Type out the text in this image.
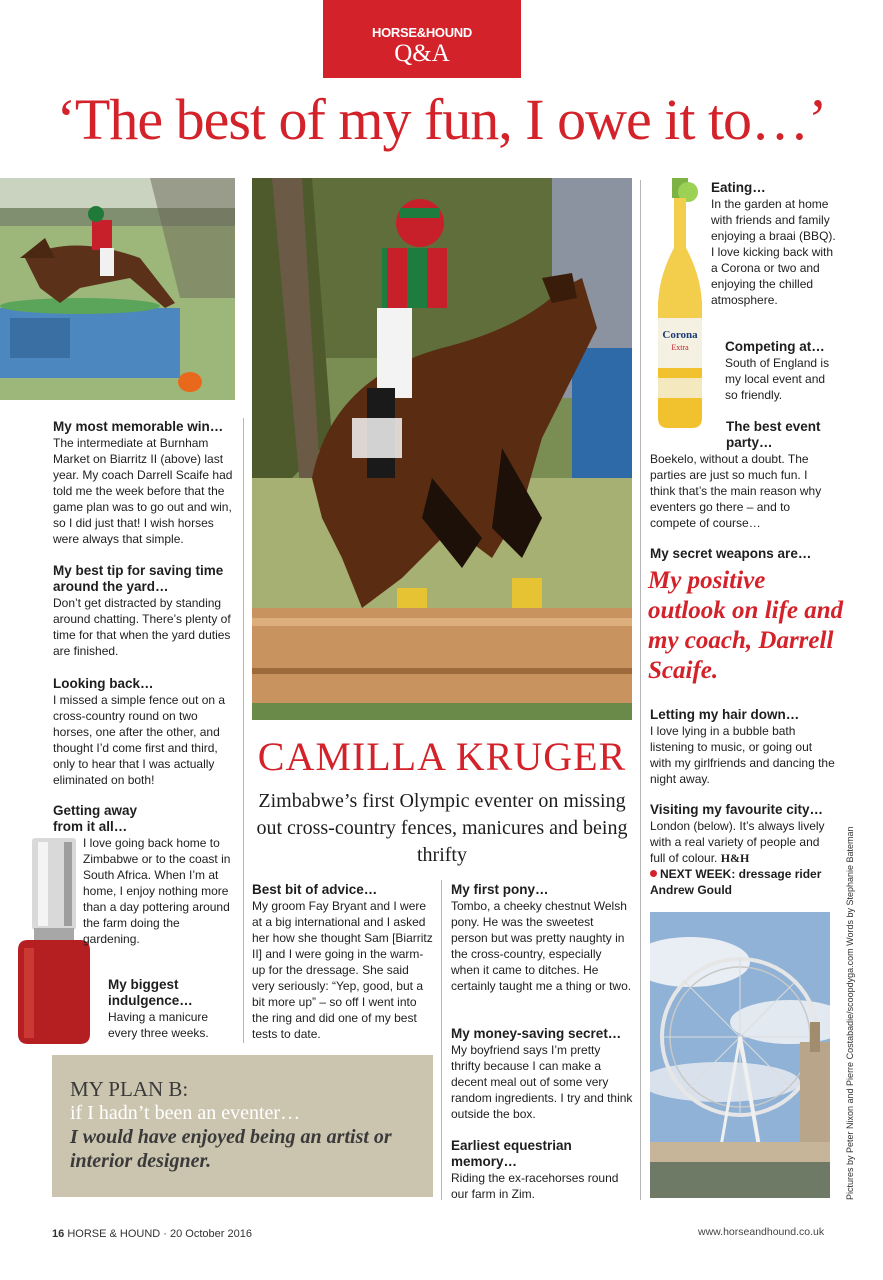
HORSE&HOUND
Q&A
‘The best of my fun, I owe it to…’
Corona
Extra
My most memorable win…
The intermediate at Burnham Market on Biarritz II (above) last year. My coach Darrell Scaife had told me the week before that the game plan was to go out and win, so I did just that! I wish horses were always that simple.
My best tip for saving time around the yard…
Don’t get distracted by standing around chatting. There’s plenty of time for that when the yard duties are finished.
Looking back…
I missed a simple fence out on a cross-country round on two horses, one after the other, and thought I’d come first and third, only to hear that I was actually eliminated on both!
Getting away from it all…
I love going back home to Zimbabwe or to the coast in South Africa. When I’m at home, I enjoy nothing more than a day pottering around the farm doing the gardening.
My biggest indulgence…
Having a manicure every three weeks.
CAMILLA KRUGER
Zimbabwe’s first Olympic eventer on missing out cross-country fences, manicures and being thrifty
Best bit of advice…
My groom Fay Bryant and I were at a big international and I asked her how she thought Sam [Biarritz II] and I were going in the warm-up for the dressage. She said very seriously: “Yep, good, but a bit more up” – so off I went into the ring and did one of my best tests to date.
My first pony…
Tombo, a cheeky chestnut Welsh pony. He was the sweetest person but was pretty naughty in the cross-country, especially when it came to ditches. He certainly taught me a thing or two.
My money-saving secret…
My boyfriend says I’m pretty thrifty because I can make a decent meal out of some very random ingredients. I try and think outside the box.
Earliest equestrian memory…
Riding the ex-racehorses round our farm in Zim.
Eating…
In the garden at home with friends and family enjoying a braai (BBQ). I love kicking back with a Corona or two and enjoying the chilled atmosphere.
Competing at…
South of England is my local event and so friendly.
The best event party…
Boekelo, without a doubt. The parties are just so much fun. I think that’s the main reason why eventers go there – and to compete of course…
My secret weapons are…
My positive outlook on life and my coach, Darrell Scaife.
Letting my hair down…
I love lying in a bubble bath listening to music, or going out with my girlfriends and dancing the night away.
Visiting my favourite city…
London (below). It’s always lively with a real variety of people and full of colour. H&H
NEXT WEEK: dressage rider Andrew Gould
MY PLAN B:
if I hadn’t been an eventer…
I would have enjoyed being an artist or interior designer.
16 HORSE & HOUND · 20 October 2016	www.horseandhound.co.uk
Pictures by Peter Nixon and Pierre Costabadie/scoopdyga.com Words by Stephanie Bateman
